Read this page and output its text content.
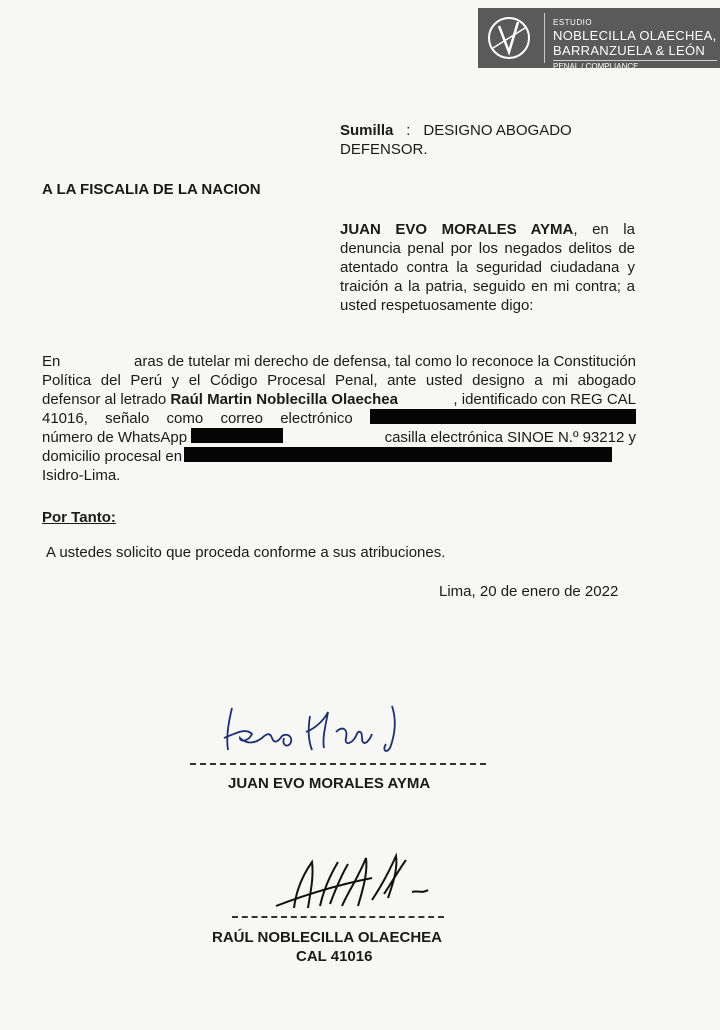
ESTUDIO
NOBLECILLA OLAECHEA,
BARRANZUELA & LEÓN
PENAL / COMPLIANCE
Sumilla : DESIGNO ABOGADO DEFENSOR.
A LA FISCALIA DE LA NACION
JUAN EVO MORALES AYMA, en la denuncia penal por los negados delitos de atentado contra la seguridad ciudadana y traición a la patria, seguido en mi contra; a usted respetuosamente digo:
En	aras de tutelar mi derecho de defensa, tal como lo reconoce la Constitución
Política del Perú y el Código Procesal Penal, ante usted designo a mi abogado
defensor al letrado
Raúl Martin Noblecilla Olaechea	, identificado con REG CAL
41016, señalo como correo electrónico
número de WhatsApp	casilla electrónica SINOE N.º 93212 y
domicilio procesal en
Isidro-Lima.
Por Tanto:
A ustedes solicito que proceda conforme a sus atribuciones.
Lima, 20 de enero de 2022
JUAN EVO MORALES AYMA
RAÚL NOBLECILLA OLAECHEA
CAL 41016
